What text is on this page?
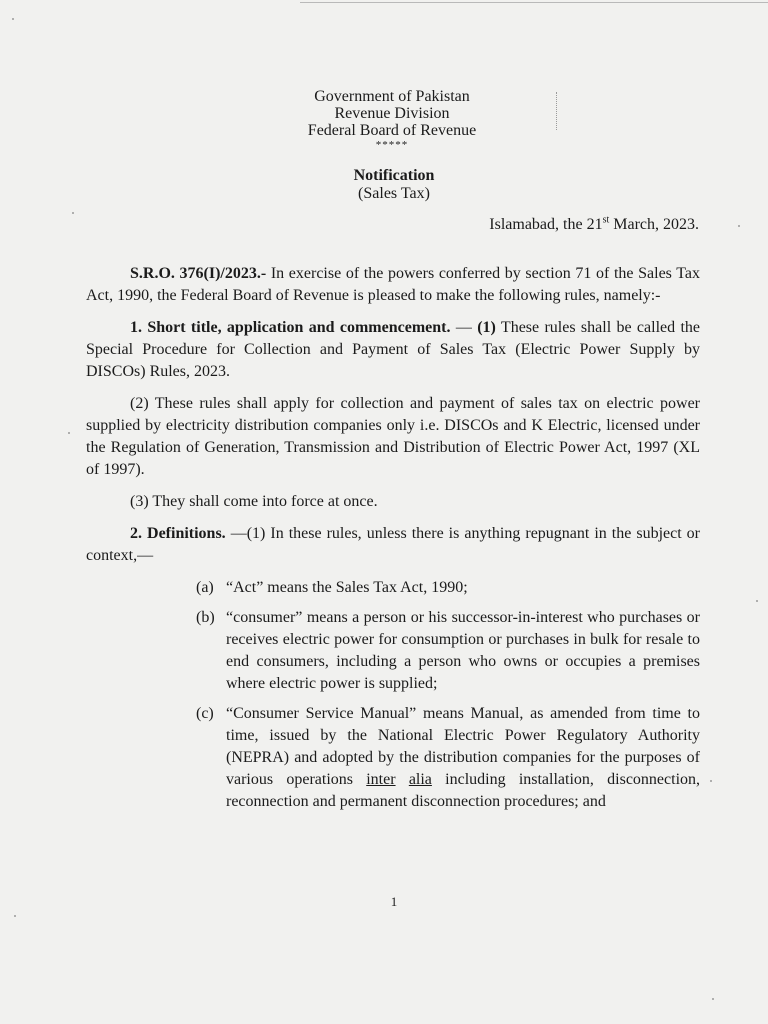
Government of Pakistan
Revenue Division
Federal Board of Revenue
*****
Notification
(Sales Tax)
Islamabad, the 21st March, 2023.

S.R.O. 376(I)/2023.- In exercise of the powers conferred by section 71 of the Sales Tax Act, 1990, the Federal Board of Revenue is pleased to make the following rules, namely:-

1. Short title, application and commencement. — (1) These rules shall be called the Special Procedure for Collection and Payment of Sales Tax (Electric Power Supply by DISCOs) Rules, 2023.

(2) These rules shall apply for collection and payment of sales tax on electric power supplied by electricity distribution companies only i.e. DISCOs and K Electric, licensed under the Regulation of Generation, Transmission and Distribution of Electric Power Act, 1997 (XL of 1997).

(3) They shall come into force at once.

2. Definitions. —(1) In these rules, unless there is anything repugnant in the subject or context,—

(a) “Act” means the Sales Tax Act, 1990;
(b) “consumer” means a person or his successor-in-interest who purchases or receives electric power for consumption or purchases in bulk for resale to end consumers, including a person who owns or occupies a premises where electric power is supplied;
(c) “Consumer Service Manual” means Manual, as amended from time to time, issued by the National Electric Power Regulatory Authority (NEPRA) and adopted by the distribution companies for the purposes of various operations inter alia including installation, disconnection, reconnection and permanent disconnection procedures; and
1
